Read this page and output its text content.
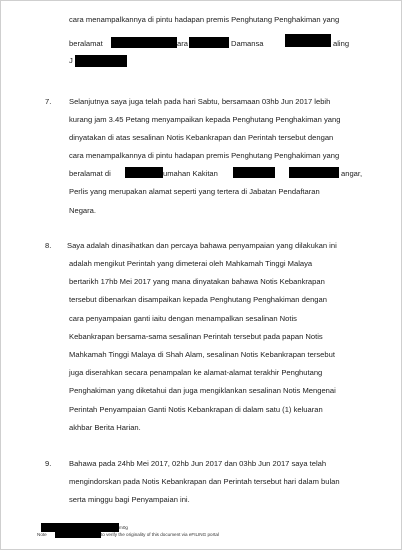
cara menampalkannya di pintu hadapan premis Penghutang Penghakiman yang
beralamat	ara	Damansa	aling
J
7. Selanjutnya saya juga telah pada hari Sabtu, bersamaan 03hb Jun 2017 lebih
kurang jam 3.45 Petang menyampaikan kepada Penghutang Penghakiman yang
dinyatakan di atas sesalinan Notis Kebankrapan dan Perintah tersebut dengan
cara menampalkannya di pintu hadapan premis Penghutang Penghakiman yang
beralamat di	umahan Kakitan	angar,
Perlis yang merupakan alamat seperti yang tertera di Jabatan Pendaftaran
Negara.
8. Saya adalah dinasihatkan dan percaya bahawa penyampaian yang dilakukan ini
adalah mengikut Perintah yang dimeterai oleh Mahkamah Tinggi Malaya
bertarikh 17hb Mei 2017 yang mana dinyatakan bahawa Notis Kebankrapan
tersebut dibenarkan disampaikan kepada Penghutang Penghakiman dengan
cara penyampaian ganti iaitu dengan menampalkan sesalinan Notis
Kebankrapan bersama-sama sesalinan Perintah tersebut pada papan Notis
Mahkamah Tinggi Malaya di Shah Alam, sesalinan Notis Kebankrapan tersebut
juga diserahkan secara penampalan ke alamat-alamat terakhir Penghutang
Penghakiman yang diketahui dan juga mengiklankan sesalinan Notis Mengenai
Perintah Penyampaian Ganti Notis Kebankrapan di dalam satu (1) keluaran
akhbar Berita Harian.
9. Bahawa pada 24hb Mei 2017, 02hb Jun 2017 dan 03hb Jun 2017 saya telah
mengindorskan pada Notis Kebankrapan dan Perintah tersebut hari dalam bulan
serta minggu bagi Penyampaian ini.
m0g
Note	to verify the originality of this document via eFILING portal
